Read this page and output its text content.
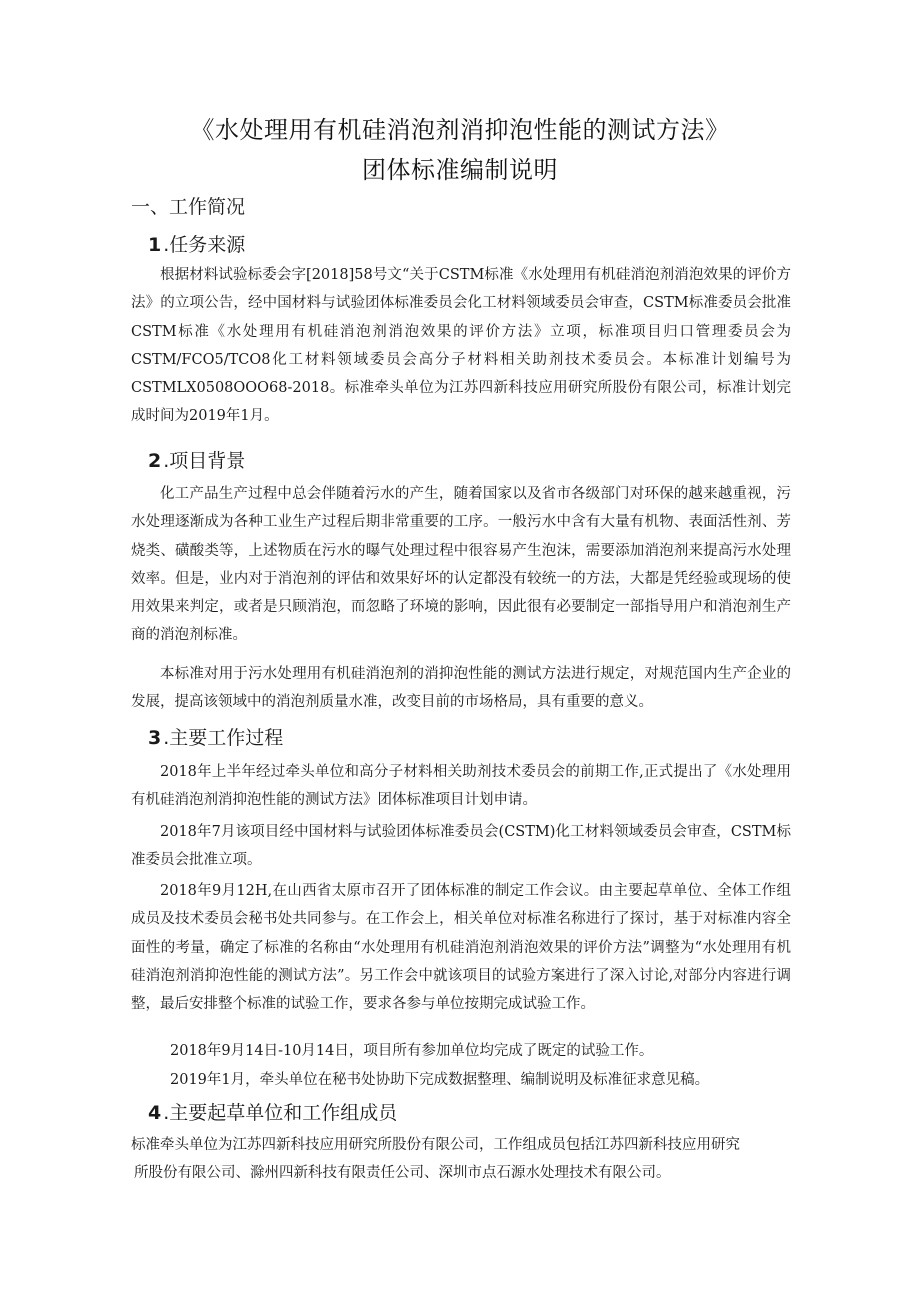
《水处理用有机硅消泡剂消抑泡性能的测试方法》
团体标准编制说明
一、工作简况
1 .任务来源

根据材料试验标委会字[2018]58号文“关于CSTM标准《水处理用有机硅消泡剂消泡效果的评价方法》的立项公告，经中国材料与试验团体标准委员会化工材料领域委员会审查，CSTM标准委员会批准CSTM标准《水处理用有机硅消泡剂消泡效果的评价方法》立项，标准项目归口管理委员会为CSTM/FCO5/TCO8化工材料领域委员会高分子材料相关助剂技术委员会。本标准计划编号为CSTMLX0508OOO68-2018。标准牵头单位为江苏四新科技应用研究所股份有限公司，标准计划完成时间为2019年1月。

2 .项目背景

化工产品生产过程中总会伴随着污水的产生，随着国家以及省市各级部门对环保的越来越重视，污水处理逐渐成为各种工业生产过程后期非常重要的工序。一般污水中含有大量有机物、表面活性剂、芳烧类、磺酸类等，上述物质在污水的曝气处理过程中很容易产生泡沫，需要添加消泡剂来提高污水处理效率。但是，业内对于消泡剂的评估和效果好坏的认定都没有较统一的方法，大都是凭经验或现场的使用效果来判定，或者是只顾消泡，而忽略了环境的影响，因此很有必要制定一部指导用户和消泡剂生产商的消泡剂标准。

本标准对用于污水处理用有机硅消泡剂的消抑泡性能的测试方法进行规定，对规范国内生产企业的发展，提高该领域中的消泡剂质量水准，改变目前的市场格局，具有重要的意义。

3 .主要工作过程

2018年上半年经过牵头单位和高分子材料相关助剂技术委员会的前期工作,正式提出了《水处理用有机硅消泡剂消抑泡性能的测试方法》团体标准项目计划申请。

2018年7月该项目经中国材料与试验团体标准委员会(CSTM)化工材料领域委员会审查，CSTM标准委员会批准立项。

2018年9月12H,在山西省太原市召开了团体标准的制定工作会议。由主要起草单位、全体工作组成员及技术委员会秘书处共同参与。在工作会上，相关单位对标准名称进行了探讨，基于对标准内容全面性的考量，确定了标准的名称由“水处理用有机硅消泡剂消泡效果的评价方法”调整为“水处理用有机硅消泡剂消抑泡性能的测试方法”。另工作会中就该项目的试验方案进行了深入讨论,对部分内容进行调整，最后安排整个标准的试验工作，要求各参与单位按期完成试验工作。

2018年9月14日-10月14日，项目所有参加单位均完成了既定的试验工作。

2019年1月，牵头单位在秘书处协助下完成数据整理、编制说明及标准征求意见稿。

4 .主要起草单位和工作组成员

标准牵头单位为江苏四新科技应用研究所股份有限公司，工作组成员包括江苏四新科技应用研究

所股份有限公司、滁州四新科技有限责任公司、深圳市点石源水处理技术有限公司。
